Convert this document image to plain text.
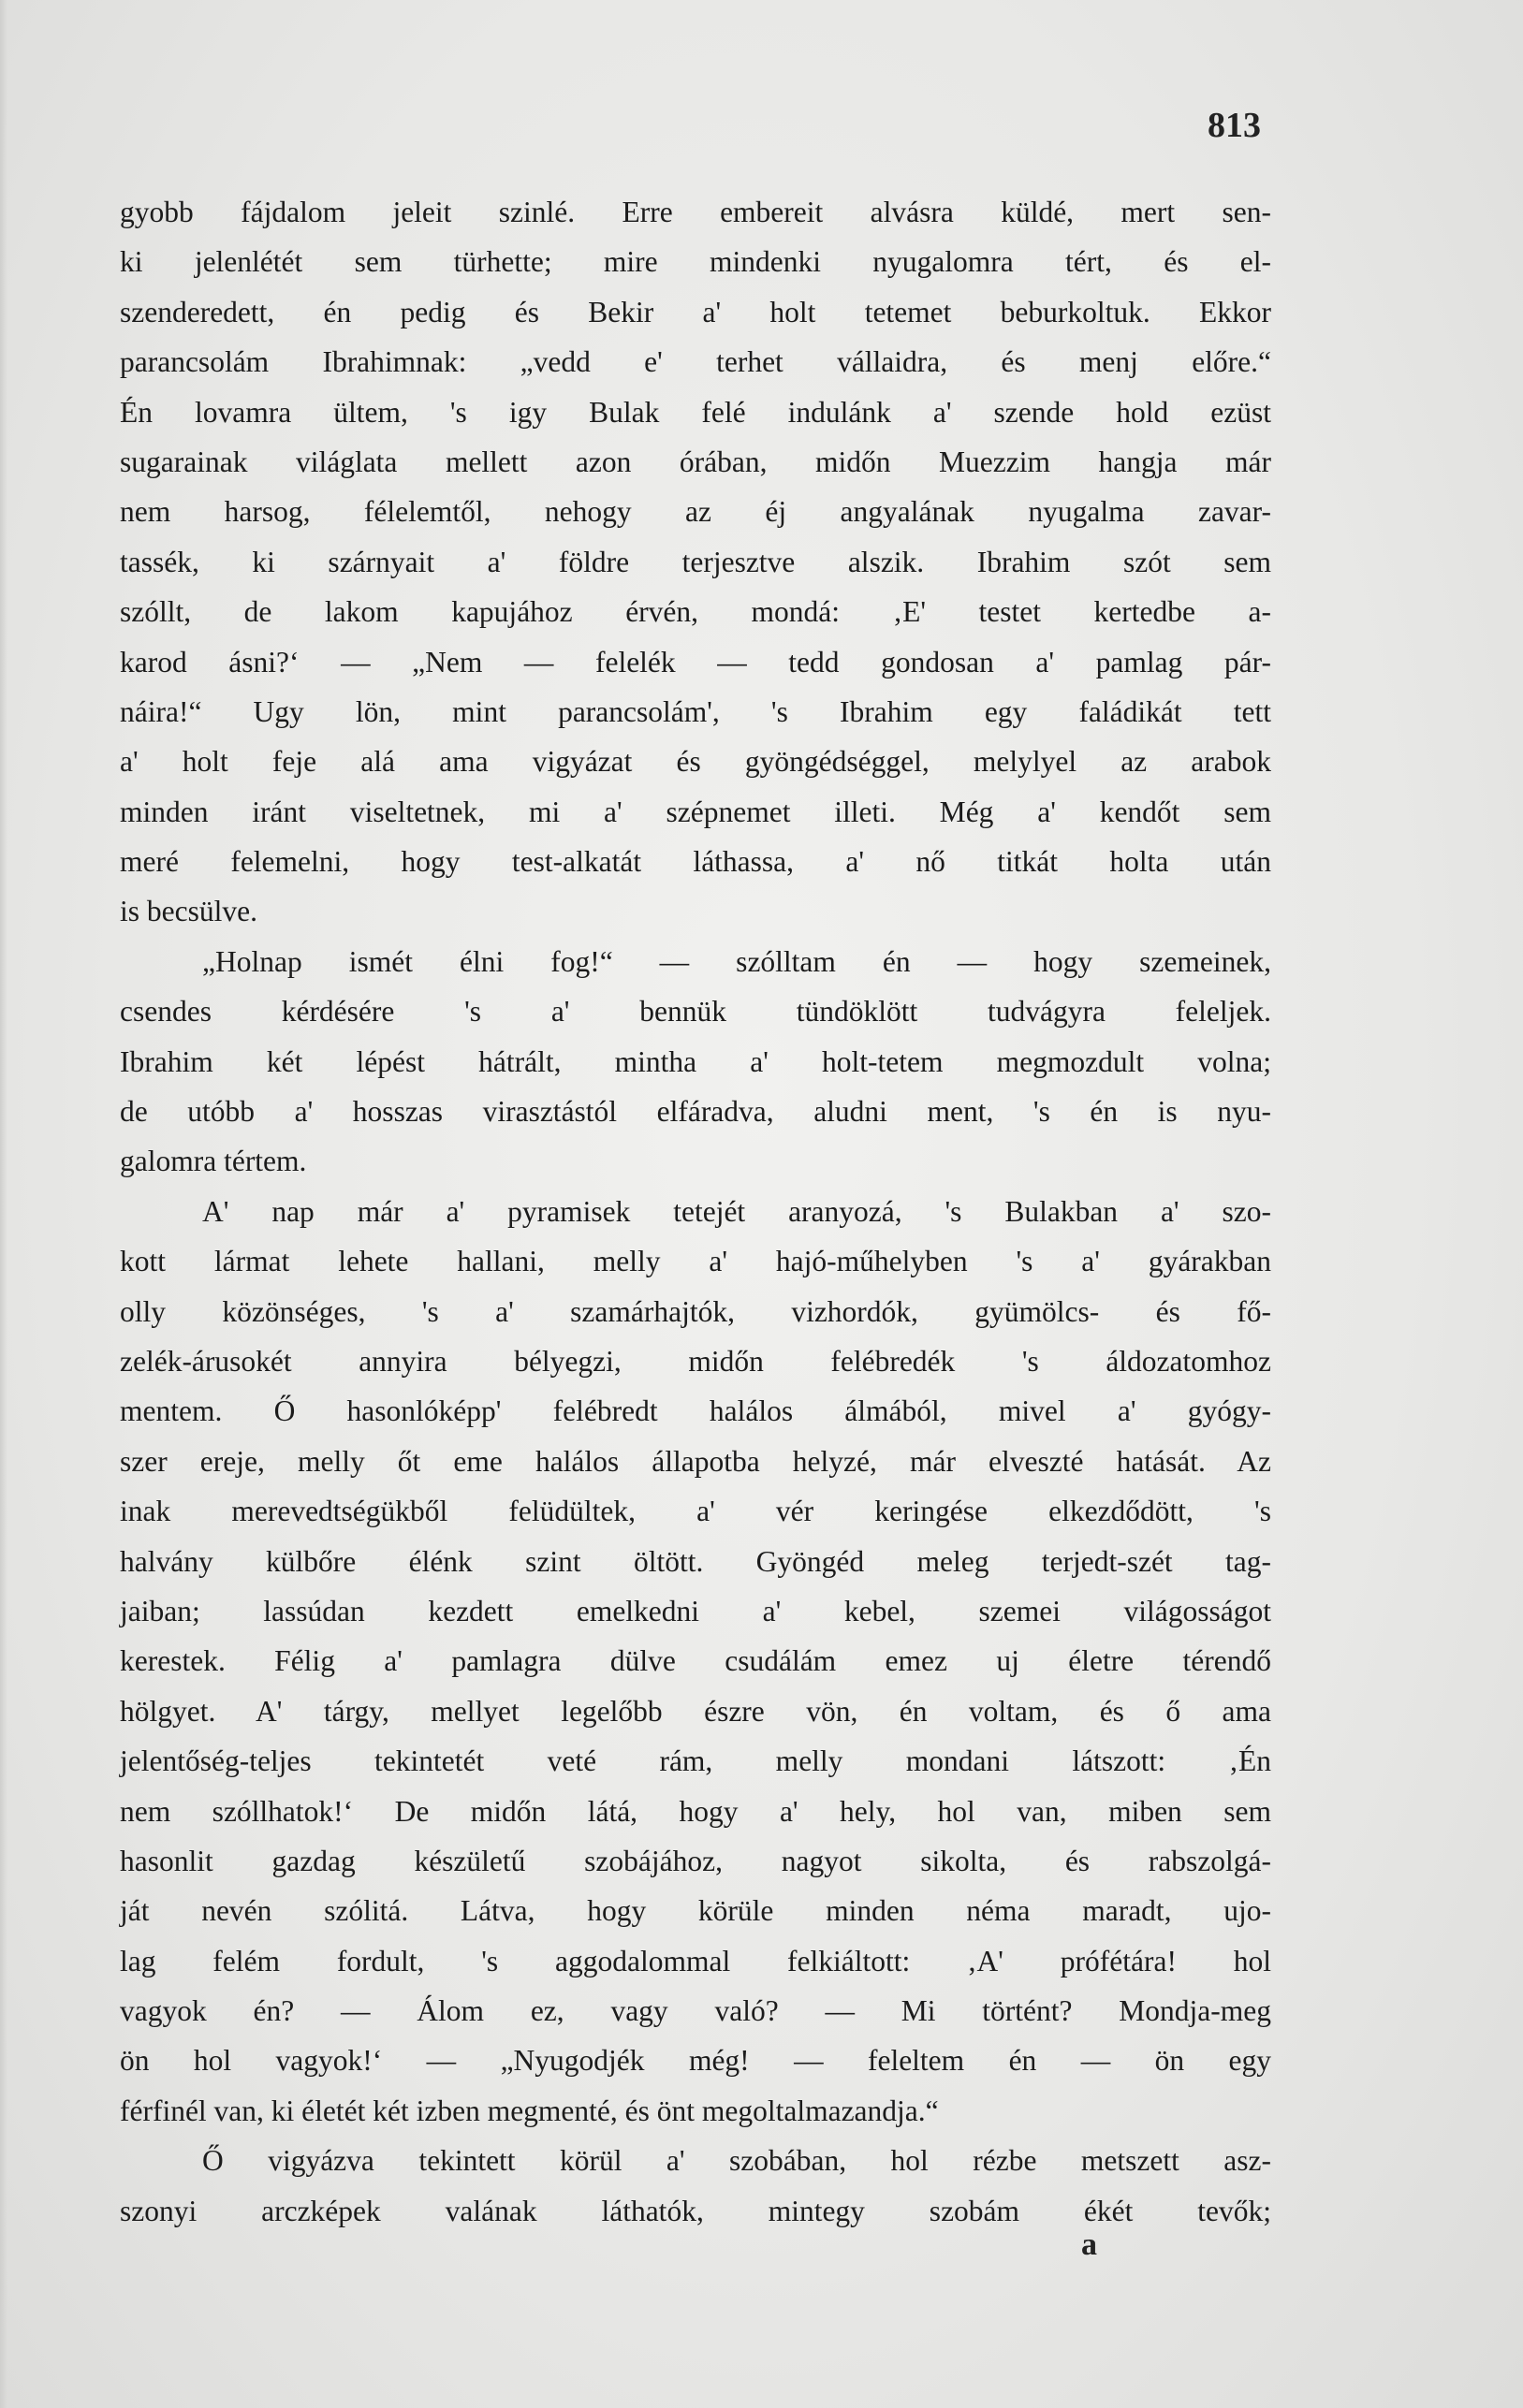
813
gyobb fájdalom jeleit szinlé. Erre embereit alvásra küldé, mert sen-
ki jelenlétét sem türhette; mire mindenki nyugalomra tért, és el-
szenderedett, én pedig és Bekir a' holt tetemet beburkoltuk. Ekkor
parancsolám Ibrahimnak: „vedd e' terhet vállaidra, és menj előre.“
Én lovamra ültem, 's igy Bulak felé indulánk a' szende hold ezüst
sugarainak világlata mellett azon órában, midőn Muezzim hangja már
nem harsog, félelemtől, nehogy az éj angyalának nyugalma zavar-
tassék, ki szárnyait a' földre terjesztve alszik. Ibrahim szót sem
szóllt, de lakom kapujához érvén, mondá: ‚E' testet kertedbe a-
karod ásni?‘ — „Nem — felelék — tedd gondosan a' pamlag pár-
náira!“ Ugy lön, mint parancsolám', 's Ibrahim egy faládikát tett
a' holt feje alá ama vigyázat és gyöngédséggel, melylyel az arabok
minden iránt viseltetnek, mi a' szépnemet illeti. Még a' kendőt sem
meré felemelni, hogy test-alkatát láthassa, a' nő titkát holta után
is becsülve.
„Holnap ismét élni fog!“ — szólltam én — hogy szemeinek,
csendes kérdésére 's a' bennük tündöklött tudvágyra feleljek.
Ibrahim két lépést hátrált, mintha a' holt-tetem megmozdult volna;
de utóbb a' hosszas virasztástól elfáradva, aludni ment, 's én is nyu-
galomra tértem.
A' nap már a' pyramisek tetejét aranyozá, 's Bulakban a' szo-
kott lármat lehete hallani, melly a' hajó-műhelyben 's a' gyárakban
olly közönséges, 's a' szamárhajtók, vizhordók, gyümölcs- és fő-
zelék-árusokét annyira bélyegzi, midőn felébredék 's áldozatomhoz
mentem. Ő hasonlóképp' felébredt halálos álmából, mivel a' gyógy-
szer ereje, melly őt eme halálos állapotba helyzé, már elveszté hatását. Az
inak merevedtségükből felüdültek, a' vér keringése elkezdődött, 's
halvány külbőre élénk szint öltött. Gyöngéd meleg terjedt-szét tag-
jaiban; lassúdan kezdett emelkedni a' kebel, szemei világosságot
kerestek. Félig a' pamlagra dülve csudálám emez uj életre térendő
hölgyet. A' tárgy, mellyet legelőbb észre vön, én voltam, és ő ama
jelentőség-teljes tekintetét veté rám, melly mondani látszott: ‚Én
nem szóllhatok!‘ De midőn látá, hogy a' hely, hol van, miben sem
hasonlit gazdag készületű szobájához, nagyot sikolta, és rabszolgá-
ját nevén szólitá. Látva, hogy körüle minden néma maradt, ujo-
lag felém fordult, 's aggodalommal felkiáltott: ‚A' prófétára! hol
vagyok én? — Álom ez, vagy való? — Mi történt? Mondja-meg
ön hol vagyok!‘ — „Nyugodjék még! — feleltem én — ön egy
férfinél van, ki életét két izben megmenté, és önt megoltalmazandja.“
Ő vigyázva tekintett körül a' szobában, hol rézbe metszett asz-
szonyi arczképek valának láthatók, mintegy szobám ékét tevők;
a
